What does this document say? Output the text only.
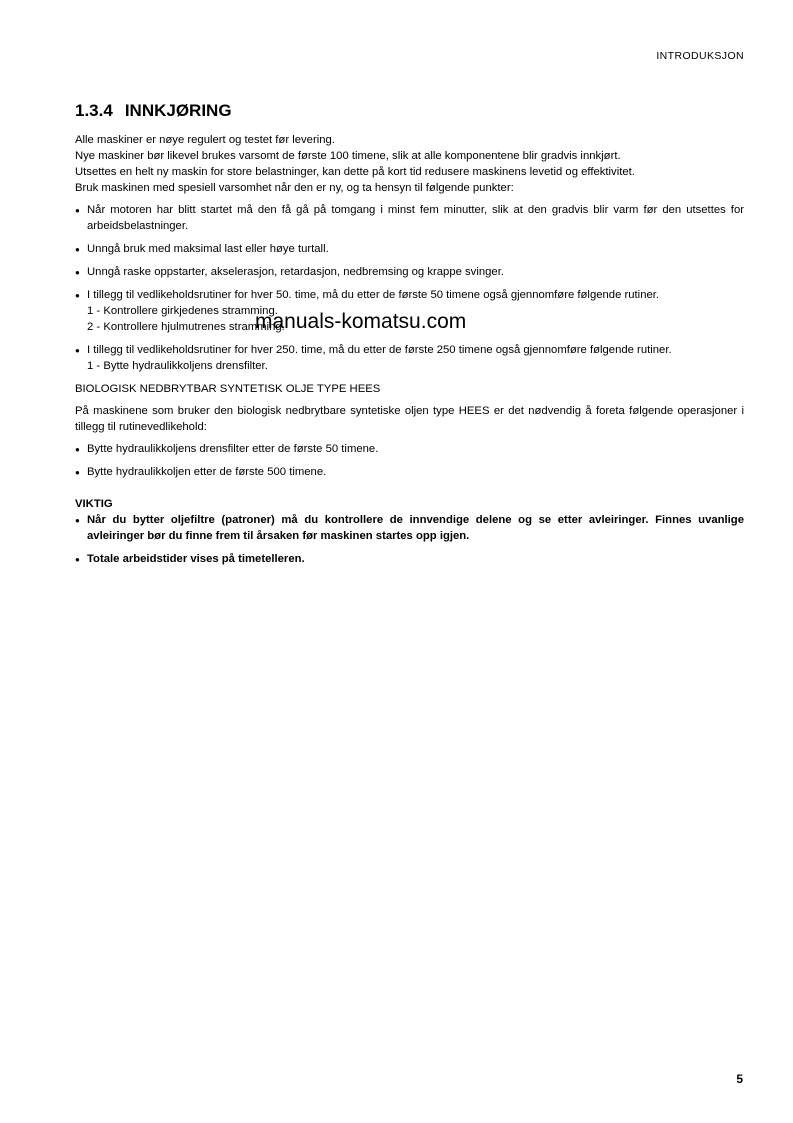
INTRODUKSJON
1.3.4 INNKJØRING

Alle maskiner er nøye regulert og testet før levering.

Nye maskiner bør likevel brukes varsomt de første 100 timene, slik at alle komponentene blir gradvis innkjørt.

Utsettes en helt ny maskin for store belastninger, kan dette på kort tid redusere maskinens levetid og effektivitet.

Bruk maskinen med spesiell varsomhet når den er ny, og ta hensyn til følgende punkter:

● Når motoren har blitt startet må den få gå på tomgang i minst fem minutter, slik at den gradvis blir varm før den utsettes for arbeidsbelastninger.
● Unngå bruk med maksimal last eller høye turtall.
● Unngå raske oppstarter, akselerasjon, retardasjon, nedbremsing og krappe svinger.
● I tillegg til vedlikeholdsrutiner for hver 50. time, må du etter de første 50 timene også gjennomføre følgende rutiner.
1 - Kontrollere girkjedenes stramming.
2 - Kontrollere hjulmutrenes stramming.
● I tillegg til vedlikeholdsrutiner for hver 250. time, må du etter de første 250 timene også gjennomføre følgende rutiner.
1 - Bytte hydraulikkoljens drensfilter.

BIOLOGISK NEDBRYTBAR SYNTETISK OLJE TYPE HEES

På maskinene som bruker den biologisk nedbrytbare syntetiske oljen type HEES er det nødvendig å foreta følgende operasjoner i tillegg til rutinevedlikehold:

● Bytte hydraulikkoljens drensfilter etter de første 50 timene.
● Bytte hydraulikkoljen etter de første 500 timene.

VIKTIG

● Når du bytter oljefiltre (patroner) må du kontrollere de innvendige delene og se etter avleiringer. Finnes uvanlige avleiringer bør du finne frem til årsaken før maskinen startes opp igjen.
● Totale arbeidstider vises på timetelleren.
manuals-komatsu.com
5
